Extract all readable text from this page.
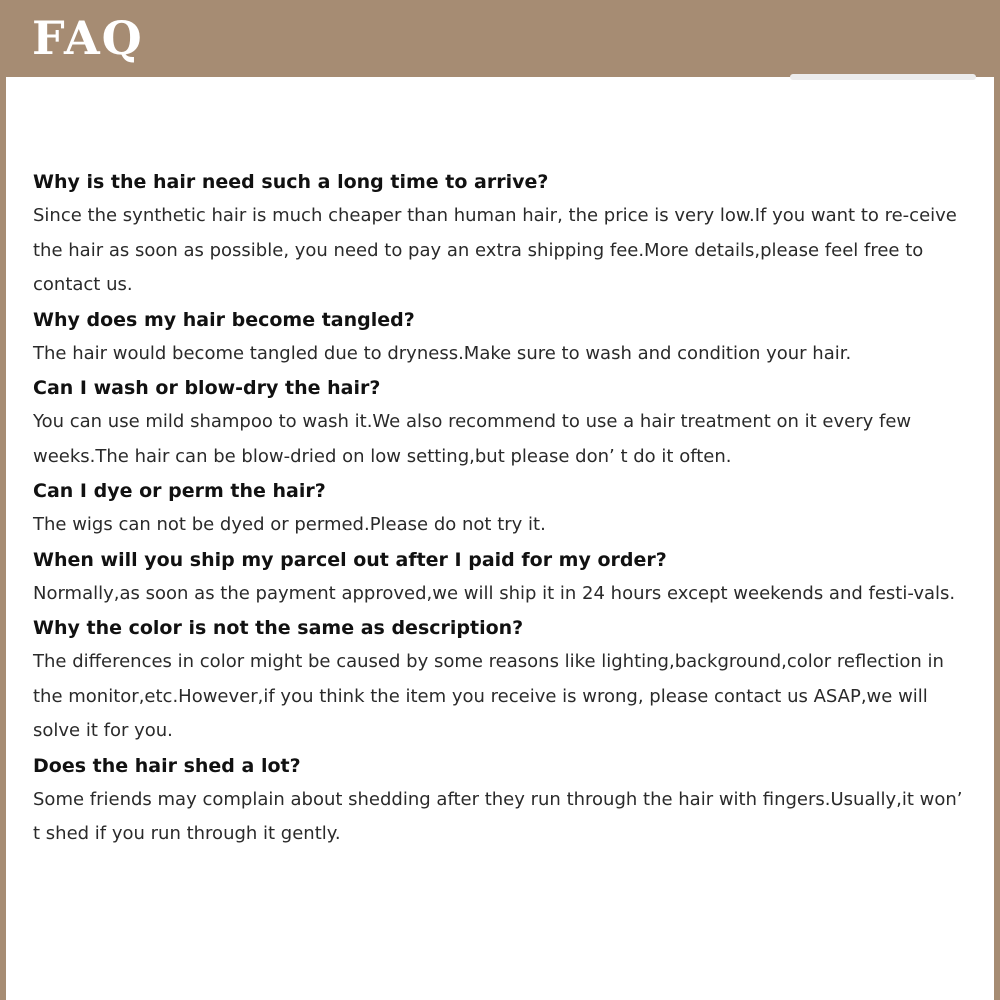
FAQ

Why is the hair need such a long time to arrive?

Since the synthetic hair is much cheaper than human hair, the price is very low.If you want to re-ceive the hair as soon as possible, you need to pay an extra shipping fee.More details,please feel free to contact us.

Why does my hair become tangled?

The hair would become tangled due to dryness.Make sure to wash and condition your hair.

Can I wash or blow-dry the hair?

You can use mild shampoo to wash it.We also recommend to use a hair treatment on it every few weeks.The hair can be blow-dried on low setting,but please don’ t do it often.

Can I dye or perm the hair?

The wigs can not be dyed or permed.Please do not try it.

When will you ship my parcel out after I paid for my order?

Normally,as soon as the payment approved,we will ship it in 24 hours except weekends and festi-vals.

Why the color is not the same as description?

The differences in color might be caused by some reasons like lighting,background,color reflection in the monitor,etc.However,if you think the item you receive is wrong, please contact us ASAP,we will solve it for you.

Does the hair shed a lot?

Some friends may complain about shedding after they run through the hair with fingers.Usually,it won’ t shed if you run through it gently.
